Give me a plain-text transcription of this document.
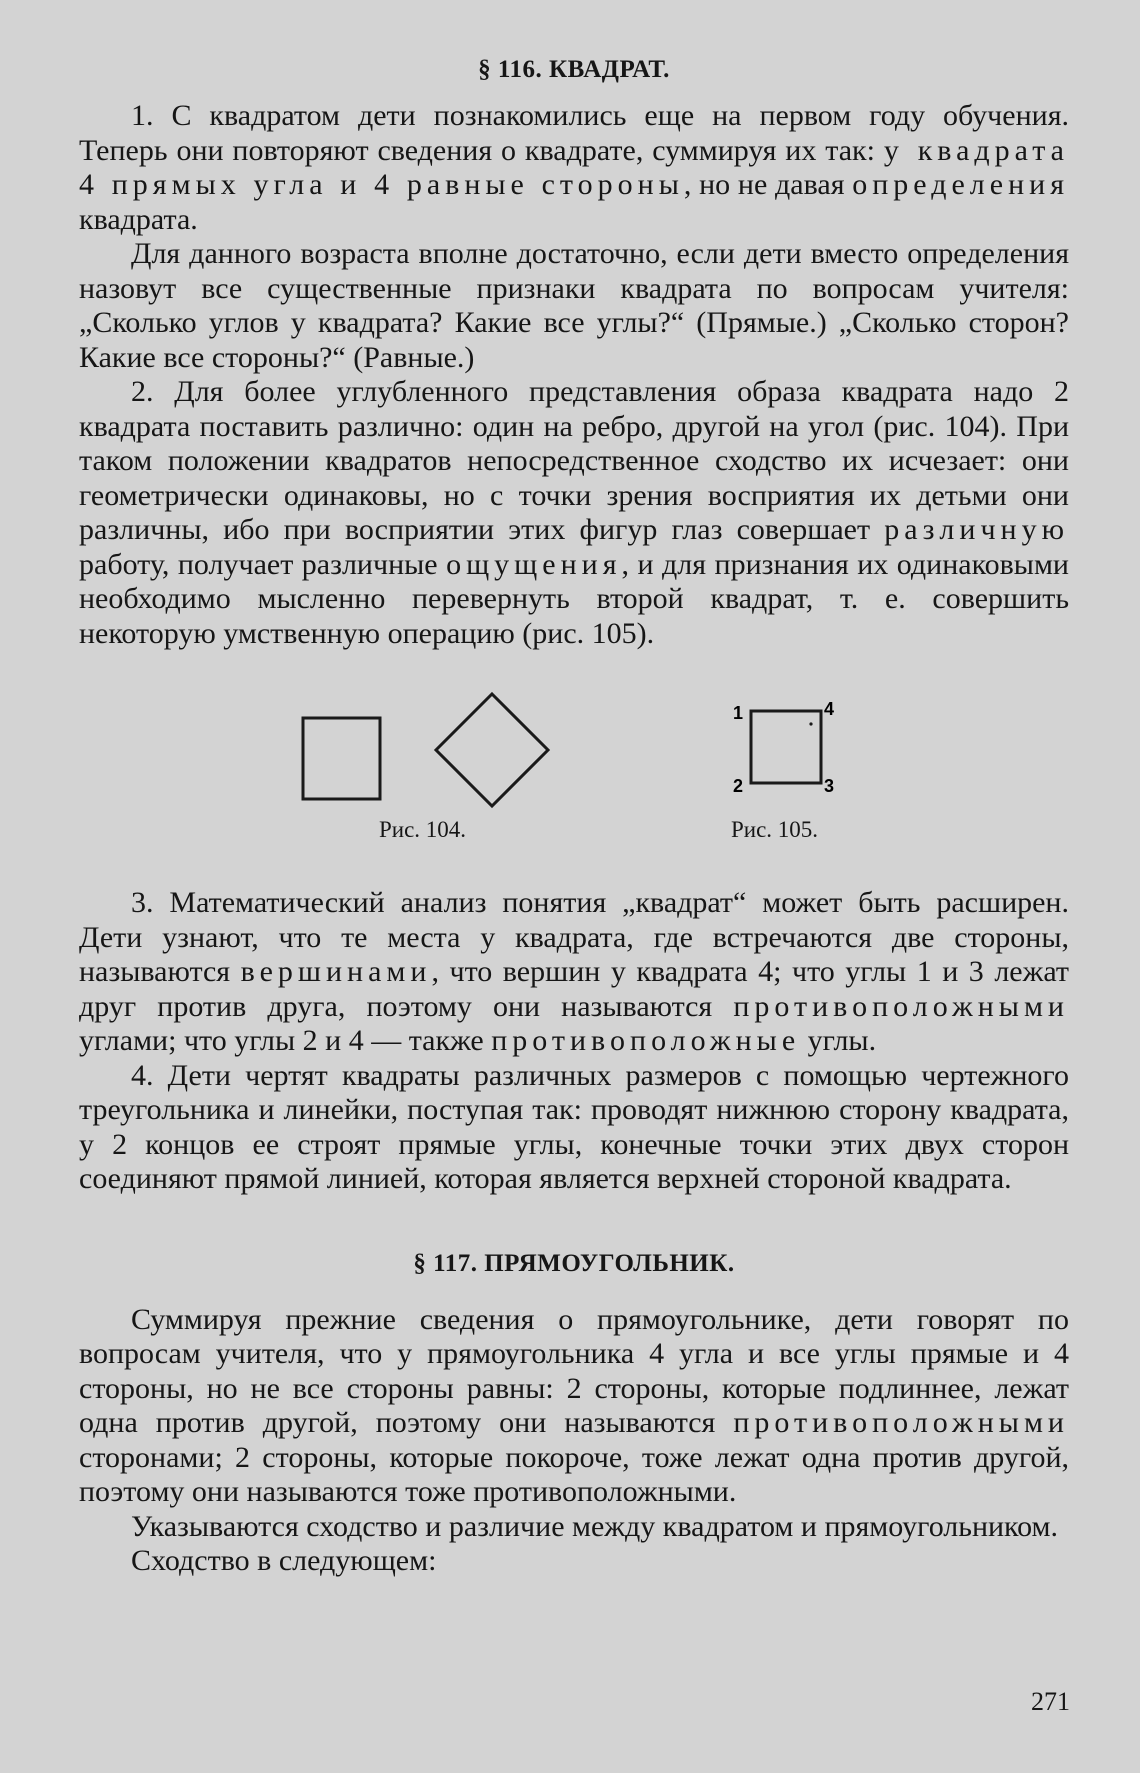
§ 116. КВАДРАТ.

1. С квадратом дети познакомились еще на первом году обучения. Теперь они повторяют сведения о квадрате, суммируя их так: у квадрата 4 прямых угла и 4 равные стороны, но не давая определения квадрата.

Для данного возраста вполне достаточно, если дети вместо определения назовут все существенные признаки квадрата по вопросам учителя: „Сколько углов у квадрата? Какие все углы?“ (Прямые.) „Сколько сторон? Какие все стороны?“ (Равные.)

2. Для более углубленного представления образа квадрата надо 2 квадрата поставить различно: один на ребро, другой на угол (рис. 104). При таком положении квадратов непосредственное сходство их исчезает: они геометрически одинаковы, но с точки зрения восприятия их детьми они различны, ибо при восприятии этих фигур глаз совершает различную работу, получает различные ощущения, и для признания их одинаковыми необходимо мысленно перевернуть второй квадрат, т. е. совершить некоторую умственную операцию (рис. 105).

1
2	3
4
Рис. 104.	Рис. 105.

3. Математический анализ понятия „квадрат“ может быть расширен. Дети узнают, что те места у квадрата, где встречаются две стороны, называются вершинами, что вершин у квадрата 4; что углы 1 и 3 лежат друг против друга, поэтому они называются противоположными углами; что углы 2 и 4 — также противоположные углы.

4. Дети чертят квадраты различных размеров с помощью чертежного треугольника и линейки, поступая так: проводят нижнюю сторону квадрата, у 2 концов ее строят прямые углы, конечные точки этих двух сторон соединяют прямой линией, которая является верхней стороной квадрата.

§ 117. ПРЯМОУГОЛЬНИК.

Суммируя прежние сведения о прямоугольнике, дети говорят по вопросам учителя, что у прямоугольника 4 угла и все углы прямые и 4 стороны, но не все стороны равны: 2 стороны, которые подлиннее, лежат одна против другой, поэтому они называются противоположными сторонами; 2 стороны, которые покороче, тоже лежат одна против другой, поэтому они называются тоже противоположными.

Указываются сходство и различие между квадратом и прямоугольником.

Сходство в следующем:

271
